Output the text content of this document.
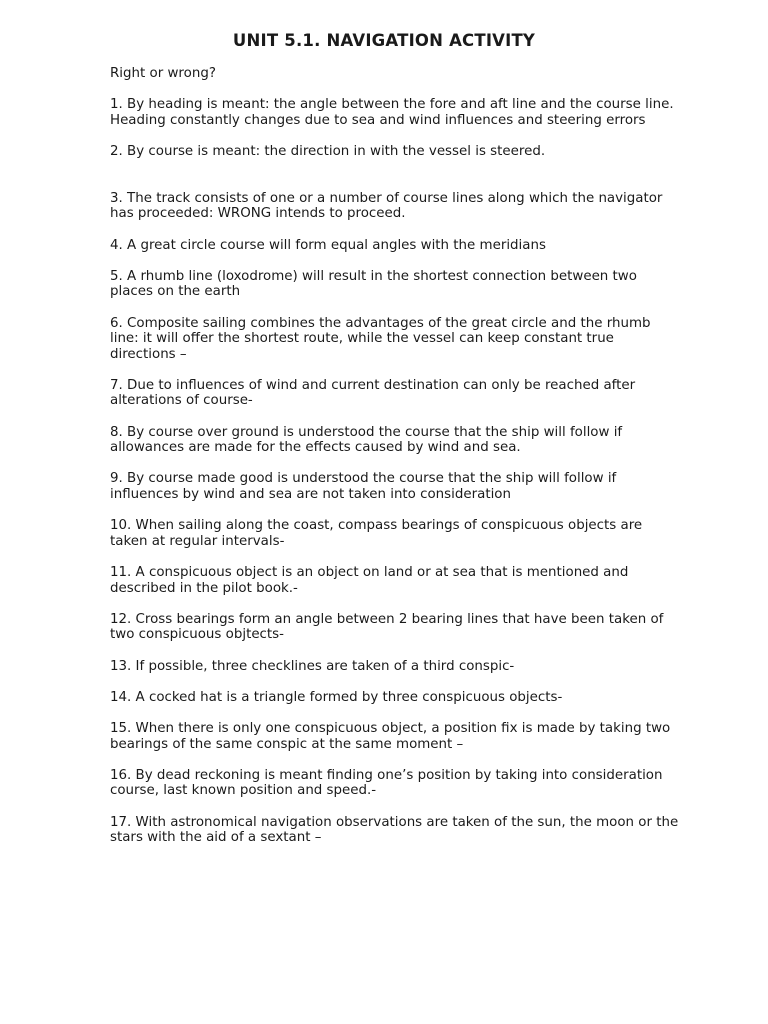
UNIT 5.1. NAVIGATION ACTIVITY

Right or wrong?

1. By heading is meant: the angle between the fore and aft line and the course line. Heading constantly changes due to sea and wind influences and steering errors

2. By course is meant: the direction in with the vessel is steered.

3. The track consists of one or a number of course lines along which the navigator has proceeded: WRONG intends to proceed.

4. A great circle course will form equal angles with the meridians

5. A rhumb line (loxodrome) will result in the shortest connection between two places on the earth

6. Composite sailing combines the advantages of the great circle and the rhumb line: it will offer the shortest route, while the vessel can keep constant true directions –

7. Due to influences of wind and current destination can only be reached after alterations of course-

8. By course over ground is understood the course that the ship will follow if allowances are made for the effects caused by wind and sea.

9. By course made good is understood the course that the ship will follow if influences by wind and sea are not taken into consideration

10. When sailing along the coast, compass bearings of conspicuous objects are taken at regular intervals-

11. A conspicuous object is an object on land or at sea that is mentioned and described in the pilot book.-

12. Cross bearings form an angle between 2 bearing lines that have been taken of two conspicuous objtects-

13. If possible, three checklines are taken of a third conspic-

14. A cocked hat is a triangle formed by three conspicuous objects-

15. When there is only one conspicuous object, a position fix is made by taking two bearings of the same conspic at the same moment –

16. By dead reckoning is meant finding one’s position by taking into consideration course, last known position and speed.-

17. With astronomical navigation observations are taken of the sun, the moon or the stars with the aid of a sextant –
